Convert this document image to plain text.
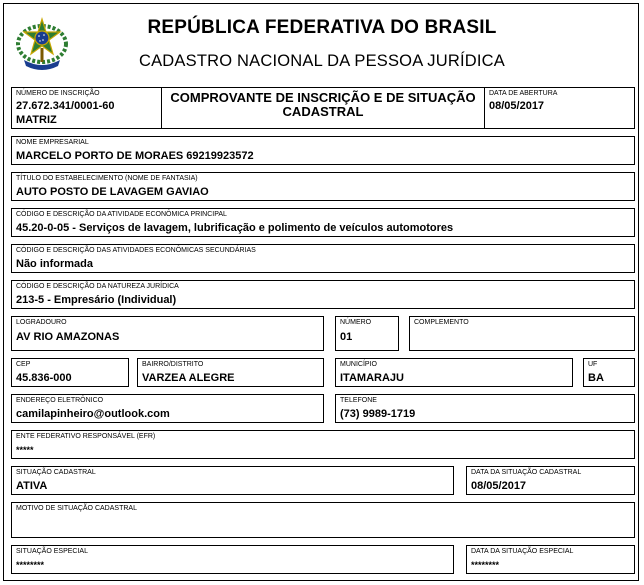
REPÚBLICA FEDERATIVA DO BRASIL
CADASTRO NACIONAL DA PESSOA JURÍDICA
NÚMERO DE INSCRIÇÃO
27.672.341/0001-60
MATRIZ
COMPROVANTE DE INSCRIÇÃO E DE SITUAÇÃO
CADASTRAL
DATA DE ABERTURA
08/05/2017
NOME EMPRESARIAL
MARCELO PORTO DE MORAES 69219923572
TÍTULO DO ESTABELECIMENTO (NOME DE FANTASIA)
AUTO POSTO DE LAVAGEM GAVIAO
CÓDIGO E DESCRIÇÃO DA ATIVIDADE ECONÔMICA PRINCIPAL
45.20-0-05 - Serviços de lavagem, lubrificação e polimento de veículos automotores
CÓDIGO E DESCRIÇÃO DAS ATIVIDADES ECONÔMICAS SECUNDÁRIAS
Não informada
CÓDIGO E DESCRIÇÃO DA NATUREZA JURÍDICA
213-5 - Empresário (Individual)
LOGRADOURO
AV RIO AMAZONAS
NÚMERO
01
COMPLEMENTO
CEP
45.836-000
BAIRRO/DISTRITO
VARZEA ALEGRE
MUNICÍPIO
ITAMARAJU
UF
BA
ENDEREÇO ELETRÔNICO
camilapinheiro@outlook.com
TELEFONE
(73) 9989-1719
ENTE FEDERATIVO RESPONSÁVEL (EFR)
*****
SITUAÇÃO CADASTRAL
ATIVA
DATA DA SITUAÇÃO CADASTRAL
08/05/2017
MOTIVO DE SITUAÇÃO CADASTRAL
SITUAÇÃO ESPECIAL
********
DATA DA SITUAÇÃO ESPECIAL
********
